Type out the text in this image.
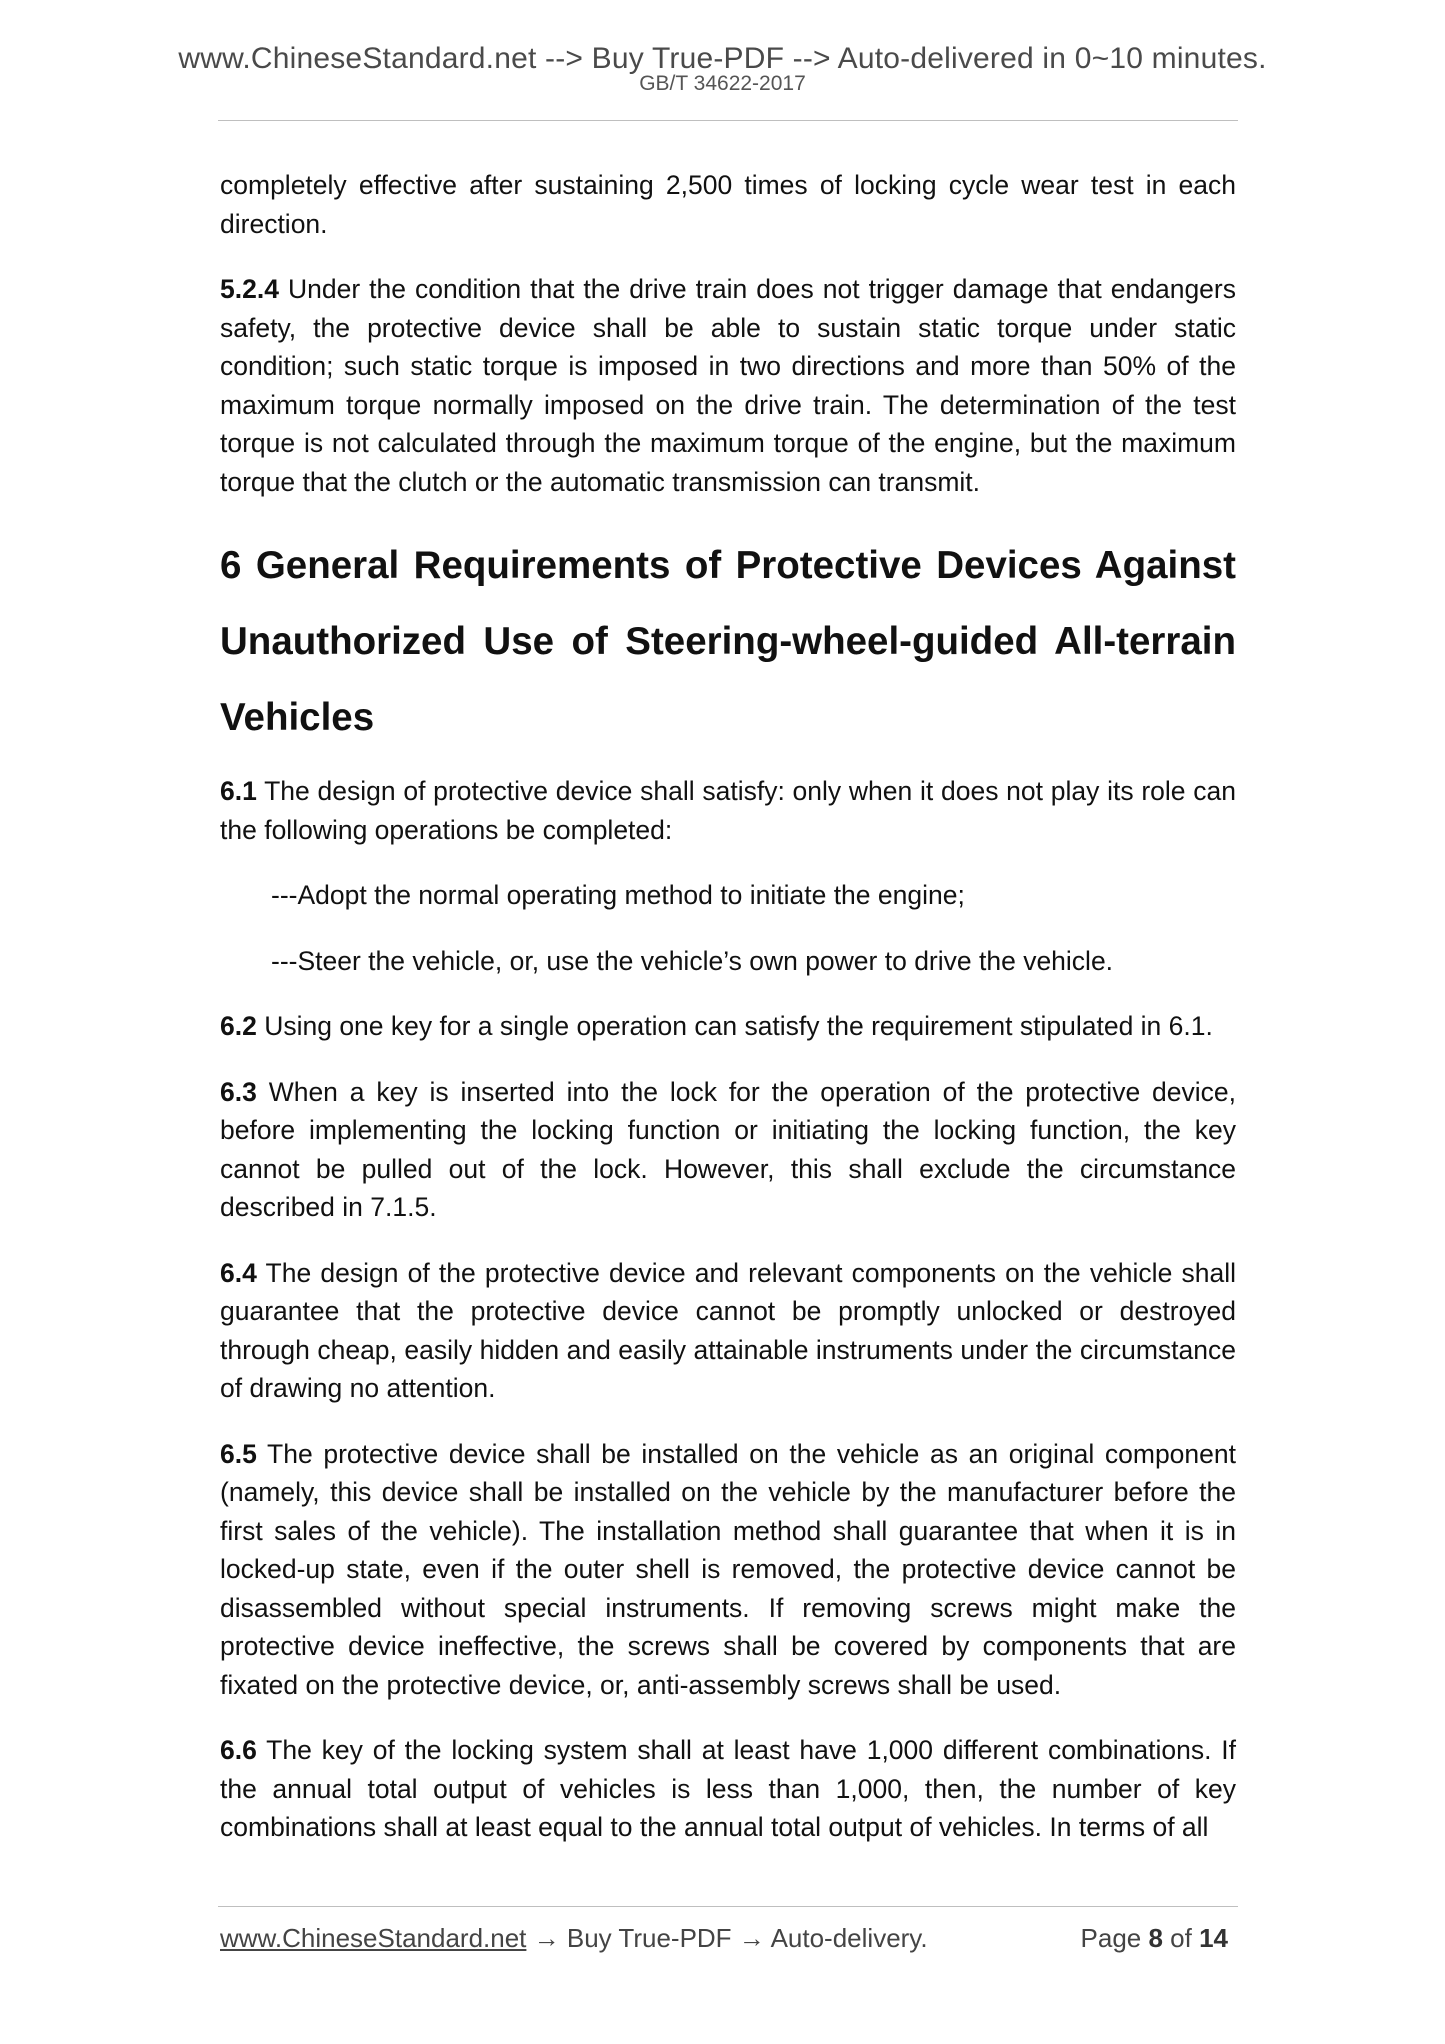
www.ChineseStandard.net --> Buy True-PDF --> Auto-delivered in 0~10 minutes.
GB/T 34622-2017

completely effective after sustaining 2,500 times of locking cycle wear test in each direction.

5.2.4 Under the condition that the drive train does not trigger damage that endangers safety, the protective device shall be able to sustain static torque under static condition; such static torque is imposed in two directions and more than 50% of the maximum torque normally imposed on the drive train. The determination of the test torque is not calculated through the maximum torque of the engine, but the maximum torque that the clutch or the automatic transmission can transmit.

6 General Requirements of Protective Devices Against Unauthorized Use of Steering-wheel-guided All-terrain Vehicles

6.1 The design of protective device shall satisfy: only when it does not play its role can the following operations be completed:

---Adopt the normal operating method to initiate the engine;
---Steer the vehicle, or, use the vehicle’s own power to drive the vehicle.

6.2 Using one key for a single operation can satisfy the requirement stipulated in 6.1.

6.3 When a key is inserted into the lock for the operation of the protective device, before implementing the locking function or initiating the locking function, the key cannot be pulled out of the lock. However, this shall exclude the circumstance described in 7.1.5.

6.4 The design of the protective device and relevant components on the vehicle shall guarantee that the protective device cannot be promptly unlocked or destroyed through cheap, easily hidden and easily attainable instruments under the circumstance of drawing no attention.

6.5 The protective device shall be installed on the vehicle as an original component (namely, this device shall be installed on the vehicle by the manufacturer before the first sales of the vehicle). The installation method shall guarantee that when it is in locked-up state, even if the outer shell is removed, the protective device cannot be disassembled without special instruments. If removing screws might make the protective device ineffective, the screws shall be covered by components that are fixated on the protective device, or, anti-assembly screws shall be used.

6.6 The key of the locking system shall at least have 1,000 different combinations. If the annual total output of vehicles is less than 1,000, then, the number of key combinations shall at least equal to the annual total output of vehicles. In terms of all

www.ChineseStandard.net → Buy True-PDF → Auto-delivery.	Page 8 of 14
